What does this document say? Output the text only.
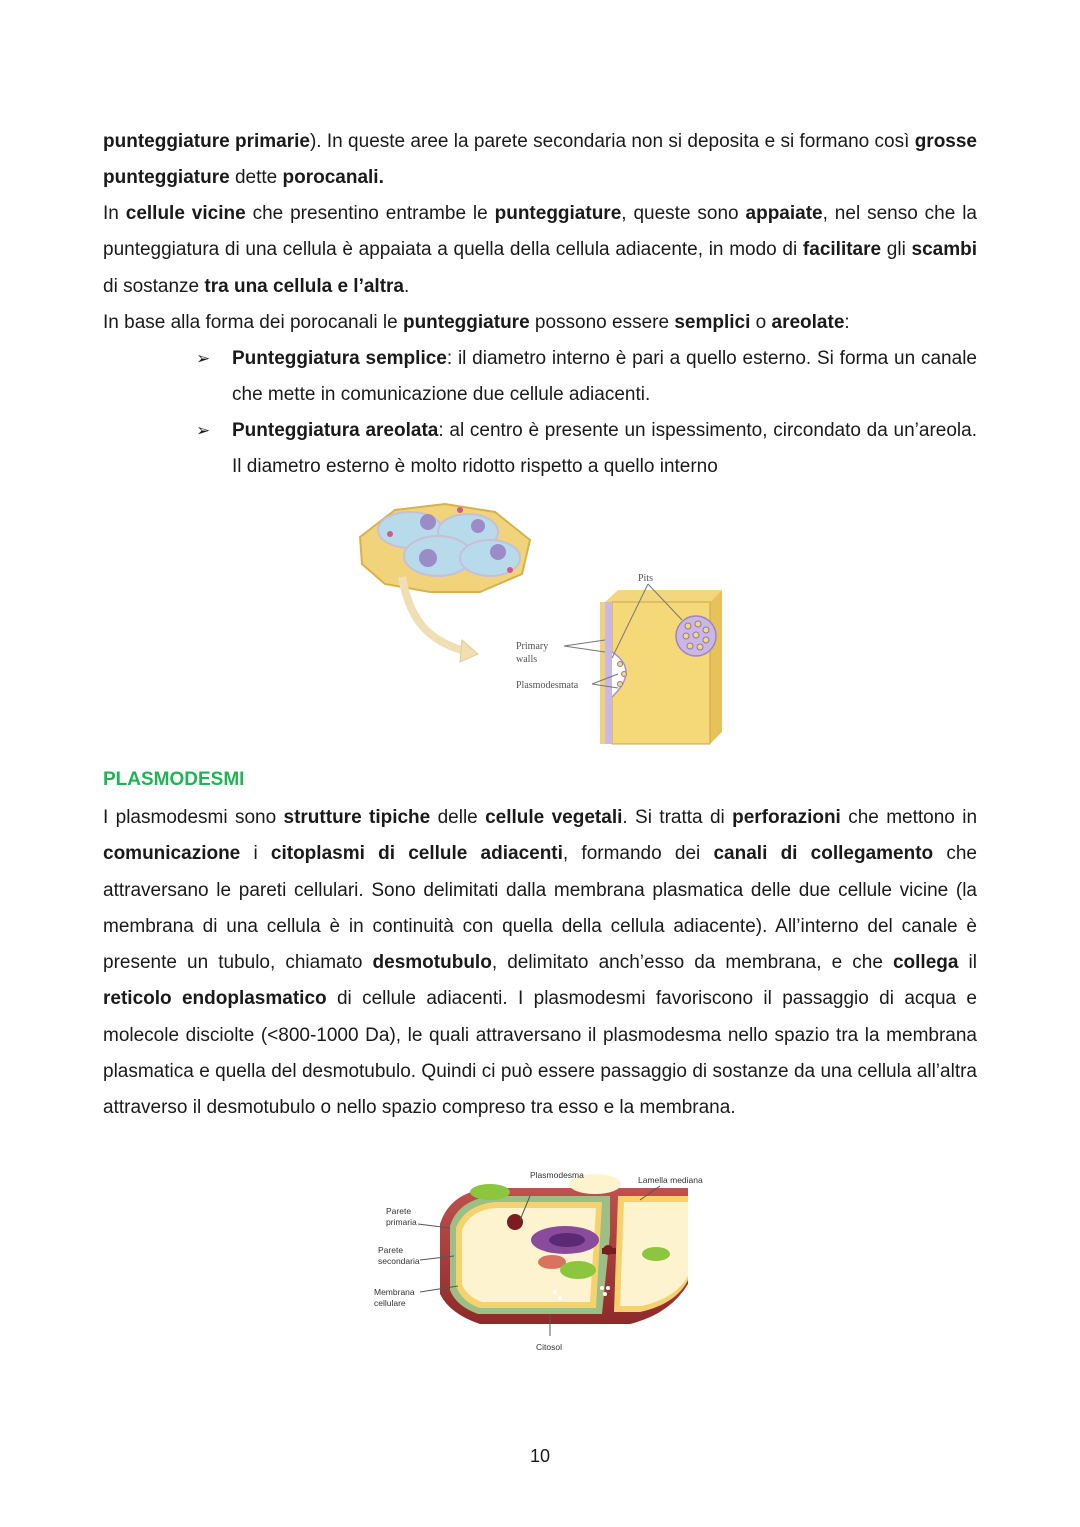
punteggiature primarie). In queste aree la parete secondaria non si deposita e si formano così grosse punteggiature dette porocanali.

In cellule vicine che presentino entrambe le punteggiature, queste sono appaiate, nel senso che la punteggiatura di una cellula è appaiata a quella della cellula adiacente, in modo di facilitare gli scambi di sostanze tra una cellula e l’altra.

In base alla forma dei porocanali le punteggiature possono essere semplici o areolate:

➢	Punteggiatura semplice: il diametro interno è pari a quello esterno. Si forma un canale che mette in comunicazione due cellule adiacenti.
➢	Punteggiatura areolata: al centro è presente un ispessimento, circondato da un’areola. Il diametro esterno è molto ridotto rispetto a quello interno
Pits
Primary
walls
Plasmodesmata
PLASMODESMI

I plasmodesmi sono strutture tipiche delle cellule vegetali. Si tratta di perforazioni che mettono in comunicazione i citoplasmi di cellule adiacenti, formando dei canali di collegamento che attraversano le pareti cellulari. Sono delimitati dalla membrana plasmatica delle due cellule vicine (la membrana di una cellula è in continuità con quella della cellula adiacente). All’interno del canale è presente un tubulo, chiamato desmotubulo, delimitato anch’esso da membrana, e che collega il reticolo endoplasmatico di cellule adiacenti. I plasmodesmi favoriscono il passaggio di acqua e molecole disciolte (<800-1000 Da), le quali attraversano il plasmodesma nello spazio tra la membrana plasmatica e quella del desmotubulo. Quindi ci può essere passaggio di sostanze da una cellula all’altra attraverso il desmotubulo o nello spazio compreso tra esso e la membrana.

Plasmodesma	Lamella mediana
Parete
primaria
Parete
secondaria
Membrana
cellulare
Citosol
10
